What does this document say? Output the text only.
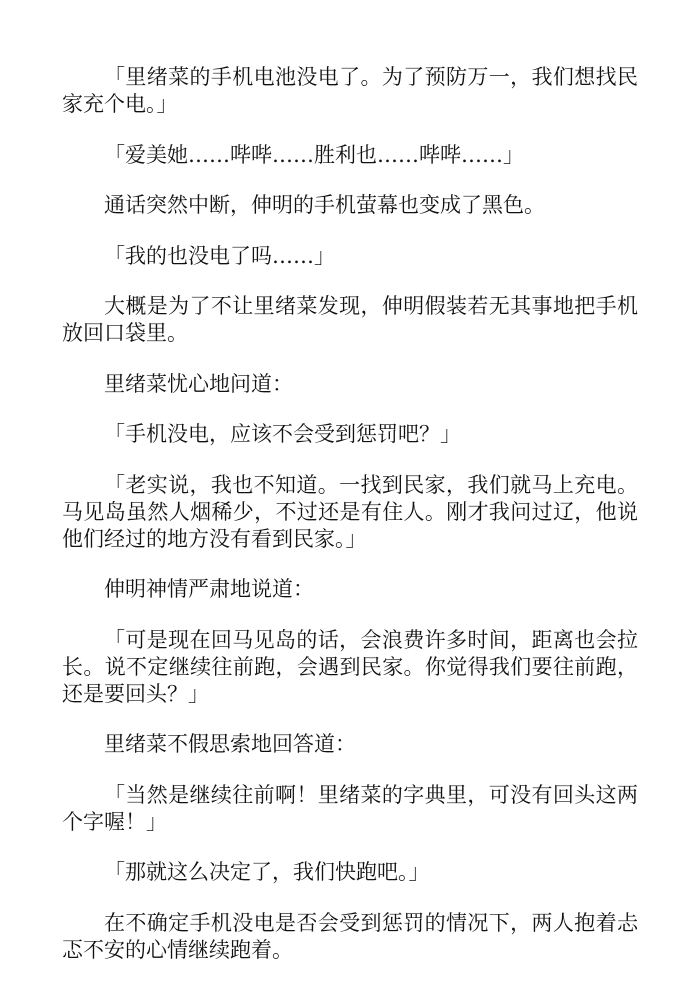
「里绪菜的手机电池没电了。为了预防万一，我们想找民家充个电。」

「爱美她……哔哔……胜利也……哔哔……」

通话突然中断，伸明的手机萤幕也变成了黑色。

「我的也没电了吗……」

大概是为了不让里绪菜发现，伸明假装若无其事地把手机放回口袋里。

里绪菜忧心地问道：

「手机没电，应该不会受到惩罚吧？」

「老实说，我也不知道。一找到民家，我们就马上充电。马见岛虽然人烟稀少，不过还是有住人。刚才我问过辽，他说他们经过的地方没有看到民家。」

伸明神情严肃地说道：

「可是现在回马见岛的话，会浪费许多时间，距离也会拉长。说不定继续往前跑，会遇到民家。你觉得我们要往前跑，还是要回头？」

里绪菜不假思索地回答道：

「当然是继续往前啊！里绪菜的字典里，可没有回头这两个字喔！」

「那就这么决定了，我们快跑吧。」

在不确定手机没电是否会受到惩罚的情况下，两人抱着忐忑不安的心情继续跑着。
